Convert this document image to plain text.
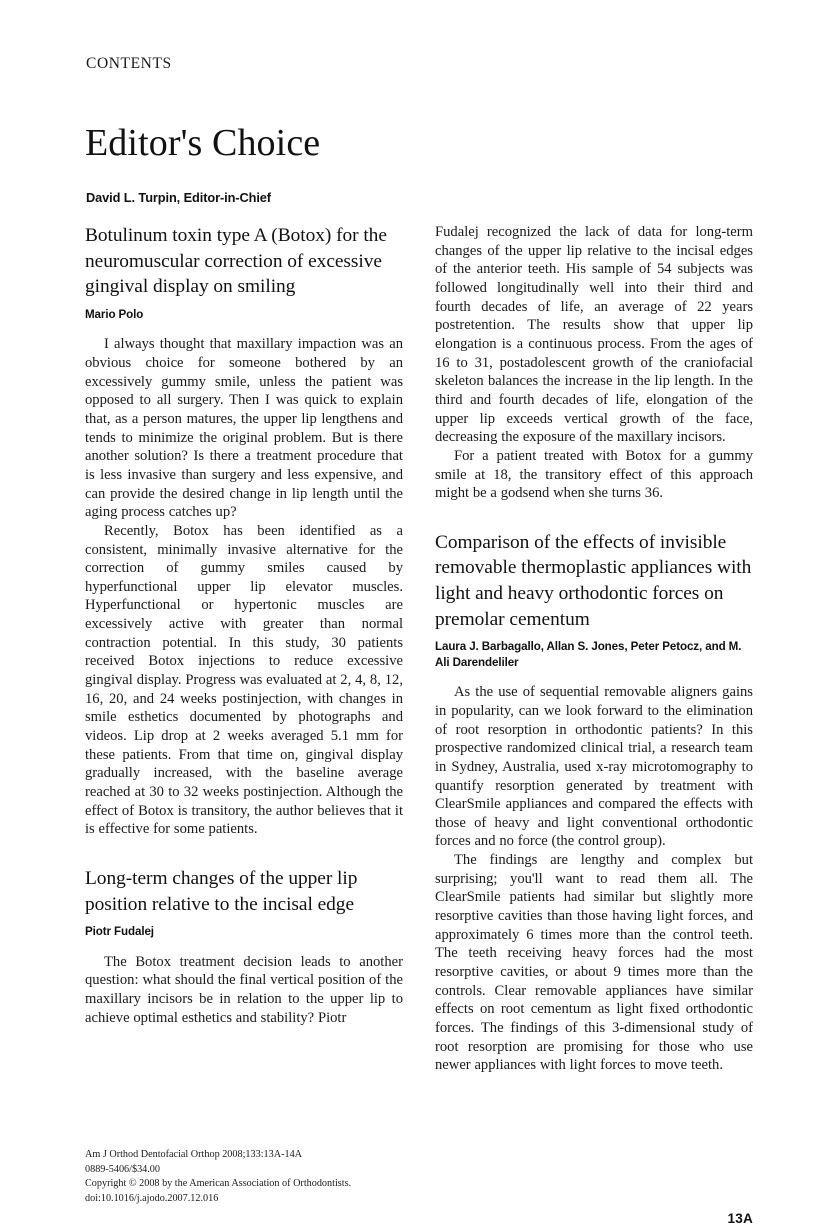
CONTENTS
Editor's Choice
David L. Turpin, Editor-in-Chief
Botulinum toxin type A (Botox) for the neuromuscular correction of excessive gingival display on smiling
Mario Polo

I always thought that maxillary impaction was an obvious choice for someone bothered by an excessively gummy smile, unless the patient was opposed to all surgery. Then I was quick to explain that, as a person matures, the upper lip lengthens and tends to minimize the original problem. But is there another solution? Is there a treatment procedure that is less invasive than surgery and less expensive, and can provide the desired change in lip length until the aging process catches up?

Recently, Botox has been identified as a consistent, minimally invasive alternative for the correction of gummy smiles caused by hyperfunctional upper lip elevator muscles. Hyperfunctional or hypertonic muscles are excessively active with greater than normal contraction potential. In this study, 30 patients received Botox injections to reduce excessive gingival display. Progress was evaluated at 2, 4, 8, 12, 16, 20, and 24 weeks postinjection, with changes in smile esthetics documented by photographs and videos. Lip drop at 2 weeks averaged 5.1 mm for these patients. From that time on, gingival display gradually increased, with the baseline average reached at 30 to 32 weeks postinjection. Although the effect of Botox is transitory, the author believes that it is effective for some patients.

Long-term changes of the upper lip position relative to the incisal edge
Piotr Fudalej

The Botox treatment decision leads to another question: what should the final vertical position of the maxillary incisors be in relation to the upper lip to achieve optimal esthetics and stability? Piotr

Am J Orthod Dentofacial Orthop 2008;133:13A-14A
0889-5406/$34.00
Copyright © 2008 by the American Association of Orthodontists.
doi:10.1016/j.ajodo.2007.12.016

Fudalej recognized the lack of data for long-term changes of the upper lip relative to the incisal edges of the anterior teeth. His sample of 54 subjects was followed longitudinally well into their third and fourth decades of life, an average of 22 years postretention. The results show that upper lip elongation is a continuous process. From the ages of 16 to 31, postadolescent growth of the craniofacial skeleton balances the increase in the lip length. In the third and fourth decades of life, elongation of the upper lip exceeds vertical growth of the face, decreasing the exposure of the maxillary incisors.

For a patient treated with Botox for a gummy smile at 18, the transitory effect of this approach might be a godsend when she turns 36.

Comparison of the effects of invisible removable thermoplastic appliances with light and heavy orthodontic forces on premolar cementum
Laura J. Barbagallo, Allan S. Jones, Peter Petocz, and M. Ali Darendeliler

As the use of sequential removable aligners gains in popularity, can we look forward to the elimination of root resorption in orthodontic patients? In this prospective randomized clinical trial, a research team in Sydney, Australia, used x-ray microtomography to quantify resorption generated by treatment with ClearSmile appliances and compared the effects with those of heavy and light conventional orthodontic forces and no force (the control group).

The findings are lengthy and complex but surprising; you'll want to read them all. The ClearSmile patients had similar but slightly more resorptive cavities than those having light forces, and approximately 6 times more than the control teeth. The teeth receiving heavy forces had the most resorptive cavities, or about 9 times more than the controls. Clear removable appliances have similar effects on root cementum as light fixed orthodontic forces. The findings of this 3-dimensional study of root resorption are promising for those who use newer appliances with light forces to move teeth.

13A
